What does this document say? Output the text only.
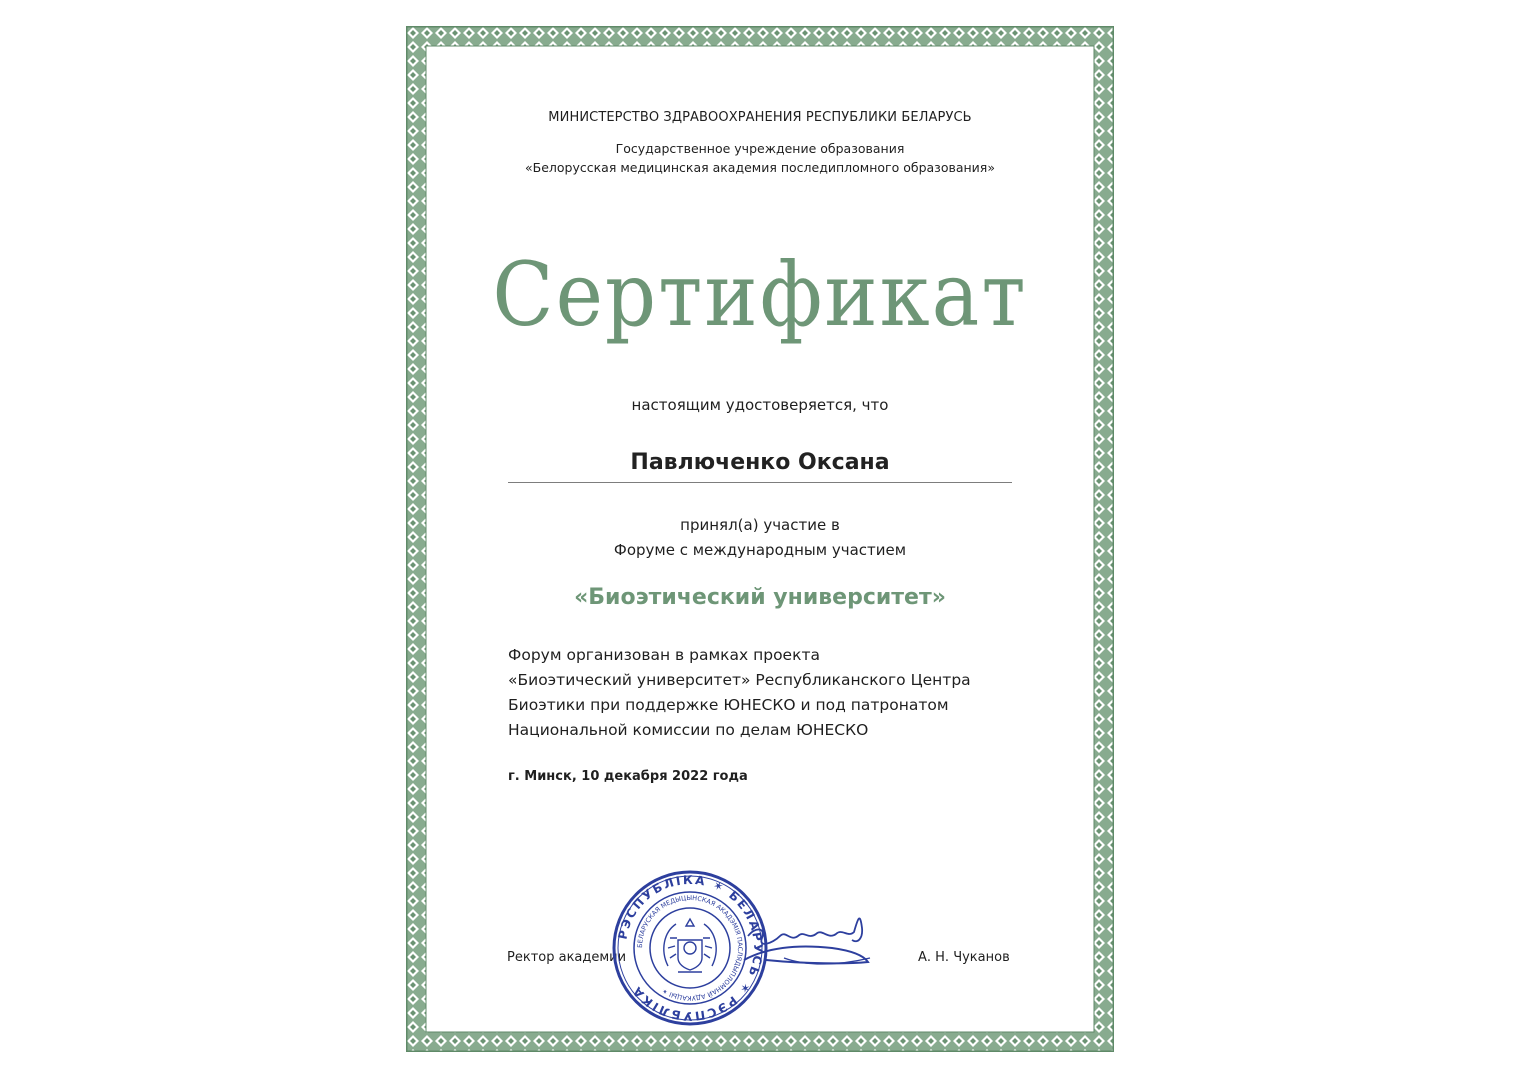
МИНИСТЕРСТВО ЗДРАВООХРАНЕНИЯ РЕСПУБЛИКИ БЕЛАРУСЬ
Государственное учреждение образования
«Белорусская медицинская академия последипломного образования»
Сертификат
настоящим удостоверяется, что
Павлюченко Оксана
принял(а) участие в
Форуме с международным участием
«Биоэтический университет»
Форум организован в рамках проекта
«Биоэтический университет» Республиканского Центра
Биоэтики при поддержке ЮНЕСКО и под патронатом
Национальной комиссии по делам ЮНЕСКО
г. Минск, 10 декабря 2022 года
Ректор академии	А. Н. Чуканов
РЭСПУБЛІКА ✶ БЕЛАРУСЬ ✶ РЭСПУБЛІКА
БЕЛАРУСКАЯ МЕДЫЦЫНСКАЯ АКАДЭМІЯ ПАСЛЯДЫПЛОМНАЙ АДУКАЦЫІ ✶
